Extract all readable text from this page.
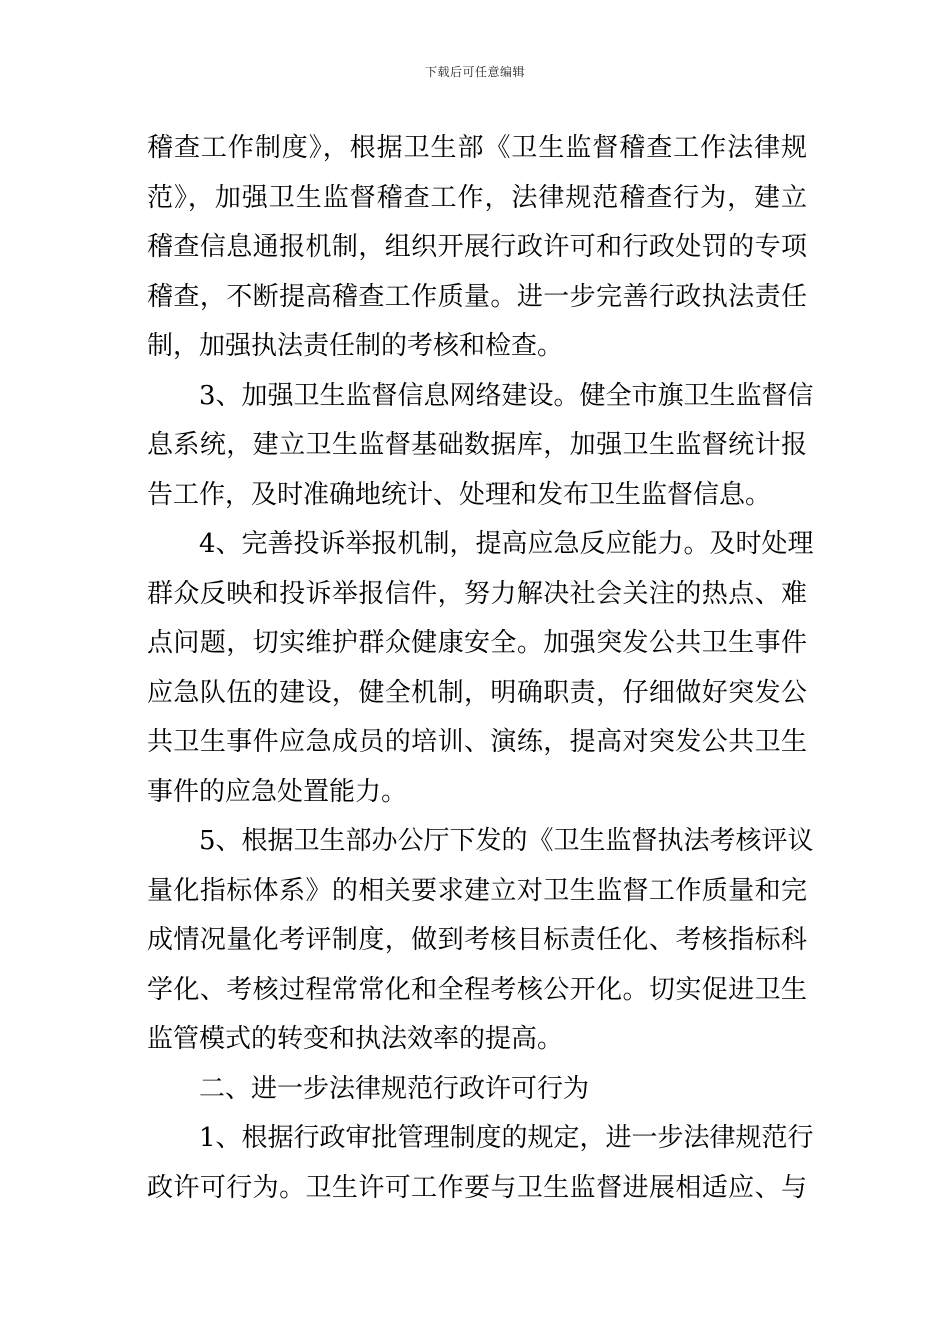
下载后可任意编辑
稽查工作制度》，根据卫生部《卫生监督稽查工作法律规
范》，加强卫生监督稽查工作，法律规范稽查行为，建立
稽查信息通报机制，组织开展行政许可和行政处罚的专项
稽查，不断提高稽查工作质量。进一步完善行政执法责任
制，加强执法责任制的考核和检查。
3、加强卫生监督信息网络建设。健全市旗卫生监督信
息系统，建立卫生监督基础数据库，加强卫生监督统计报
告工作，及时准确地统计、处理和发布卫生监督信息。
4、完善投诉举报机制，提高应急反应能力。及时处理
群众反映和投诉举报信件，努力解决社会关注的热点、难
点问题，切实维护群众健康安全。加强突发公共卫生事件
应急队伍的建设，健全机制，明确职责，仔细做好突发公
共卫生事件应急成员的培训、演练，提高对突发公共卫生
事件的应急处置能力。
5、根据卫生部办公厅下发的《卫生监督执法考核评议
量化指标体系》的相关要求建立对卫生监督工作质量和完
成情况量化考评制度，做到考核目标责任化、考核指标科
学化、考核过程常常化和全程考核公开化。切实促进卫生
监管模式的转变和执法效率的提高。
二、进一步法律规范行政许可行为
1、根据行政审批管理制度的规定，进一步法律规范行
政许可行为。卫生许可工作要与卫生监督进展相适应、与
